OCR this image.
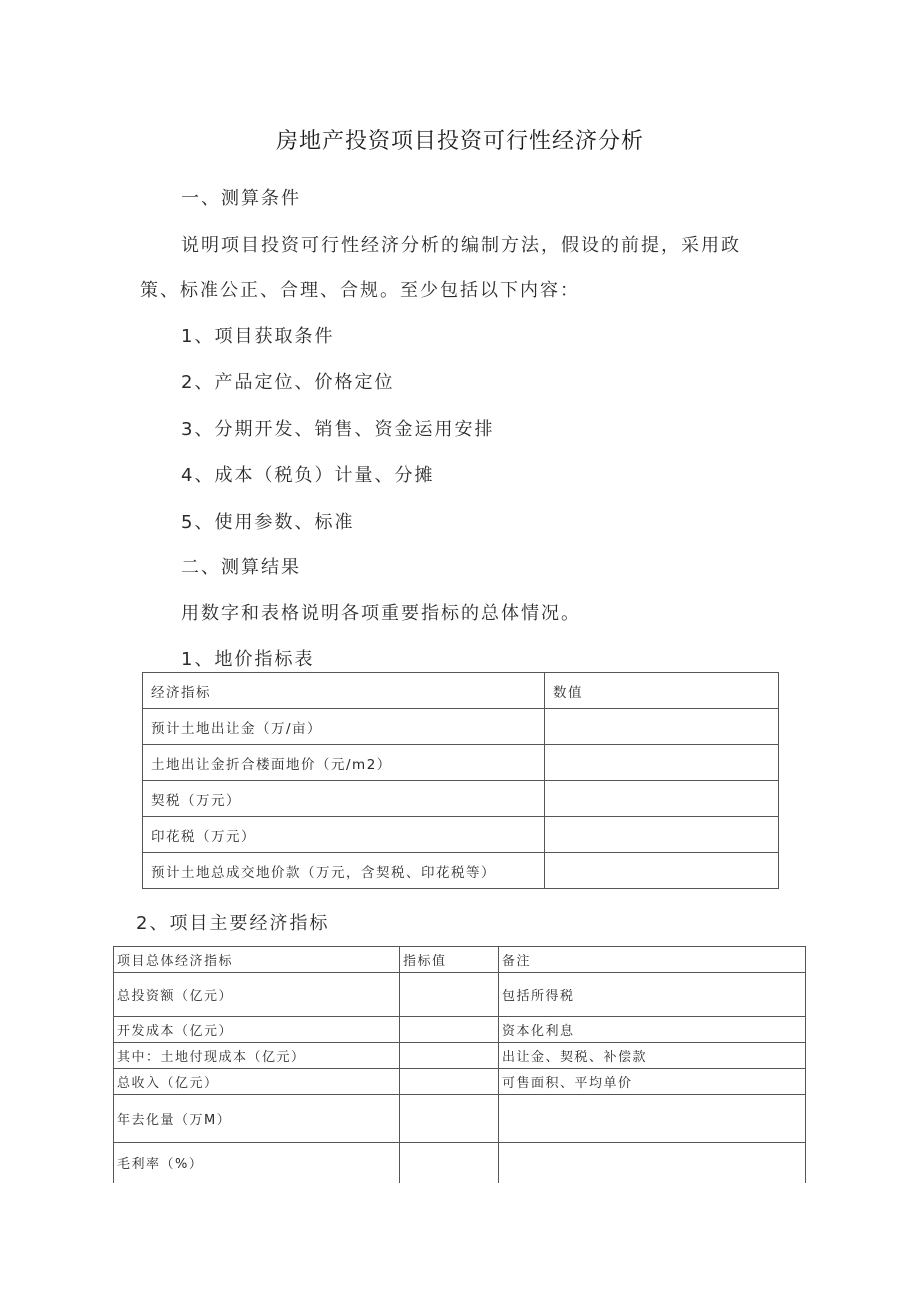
房地产投资项目投资可行性经济分析
一、测算条件
说明项目投资可行性经济分析的编制方法，假设的前提，采用政
策、标准公正、合理、合规。至少包括以下内容：
1、项目获取条件
2、产品定位、价格定位
3、分期开发、销售、资金运用安排
4、成本（税负）计量、分摊
5、使用参数、标准
二、测算结果
用数字和表格说明各项重要指标的总体情况。
1、地价指标表
经济指标	数值
预计土地出让金（万/亩）	
土地出让金折合楼面地价（元/m2）	
契税（万元）	
印花税（万元）	
预计土地总成交地价款（万元，含契税、印花税等）	
2、项目主要经济指标
项目总体经济指标	指标值	备注
总投资额（亿元）		包括所得税
开发成本（亿元）		资本化利息
其中：土地付现成本（亿元）		出让金、契税、补偿款
总收入（亿元）		可售面积、平均单价
年去化量（万M）		
毛利率（%）		
